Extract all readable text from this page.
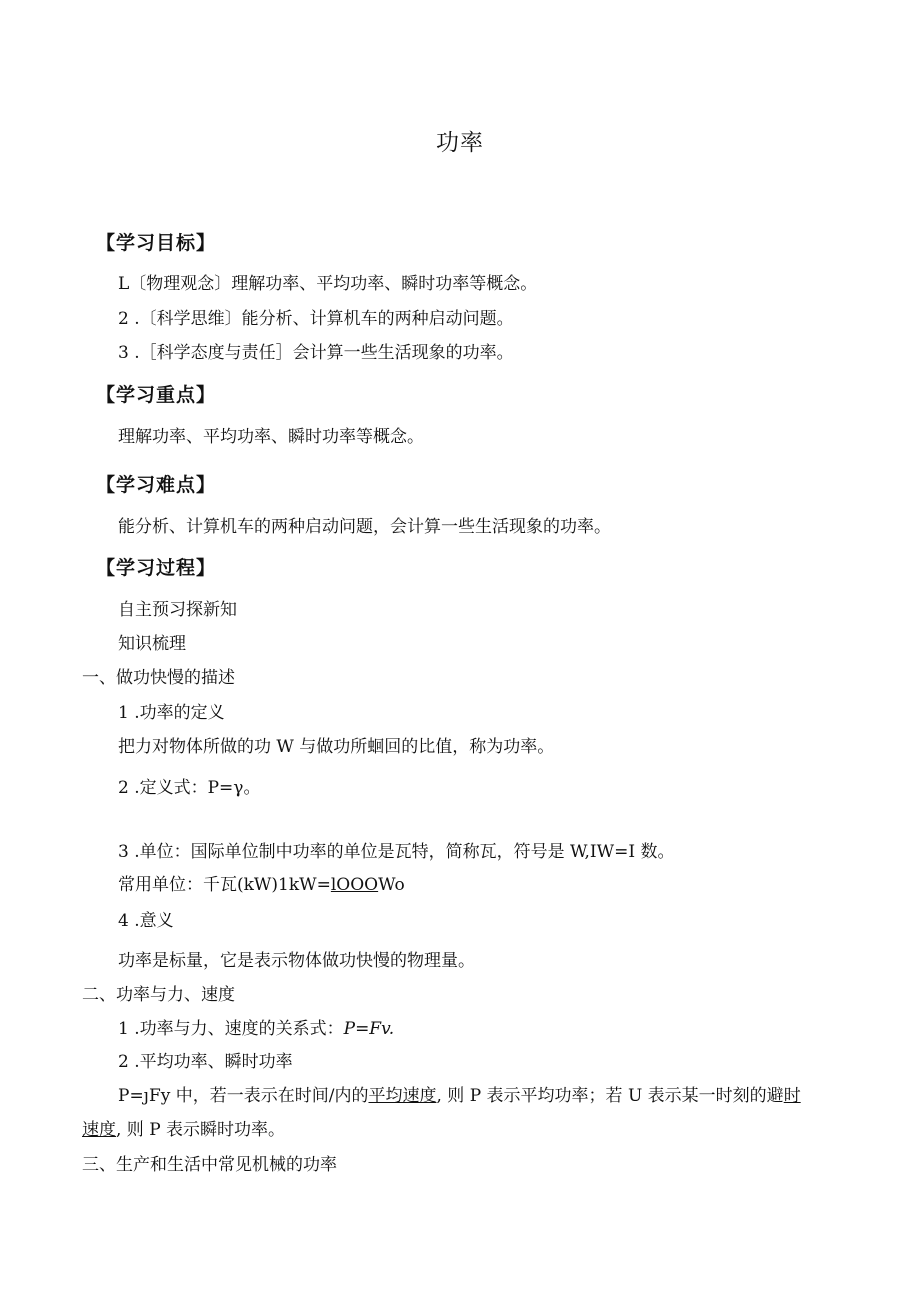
功率
【学习目标】
L〔物理观念〕理解功率、平均功率、瞬时功率等概念。
2 .〔科学思维〕能分析、计算机车的两种启动问题。
3 .［科学态度与责任］会计算一些生活现象的功率。
【学习重点】
理解功率、平均功率、瞬时功率等概念。
【学习难点】
能分析、计算机车的两种启动问题，会计算一些生活现象的功率。
【学习过程】
自主预习探新知
知识梳理
一、做功快慢的描述
1 .功率的定义
把力对物体所做的功 W 与做功所蛔回的比值，称为功率。
2 .定义式：P=γ。
3 .单位：国际单位制中功率的单位是瓦特，简称瓦，符号是 W,IW=I 数。
常用单位：千瓦(kW)1kW=lOOOWo
4 .意义
功率是标量，它是表示物体做功快慢的物理量。
二、功率与力、速度
1 .功率与力、速度的关系式：P=Fv.
2 .平均功率、瞬时功率
P=ȷFy 中，若一表示在时间/内的平均速度, 则 P 表示平均功率；若 U 表示某一时刻的避时
速度, 则 P 表示瞬时功率。
三、生产和生活中常见机械的功率
